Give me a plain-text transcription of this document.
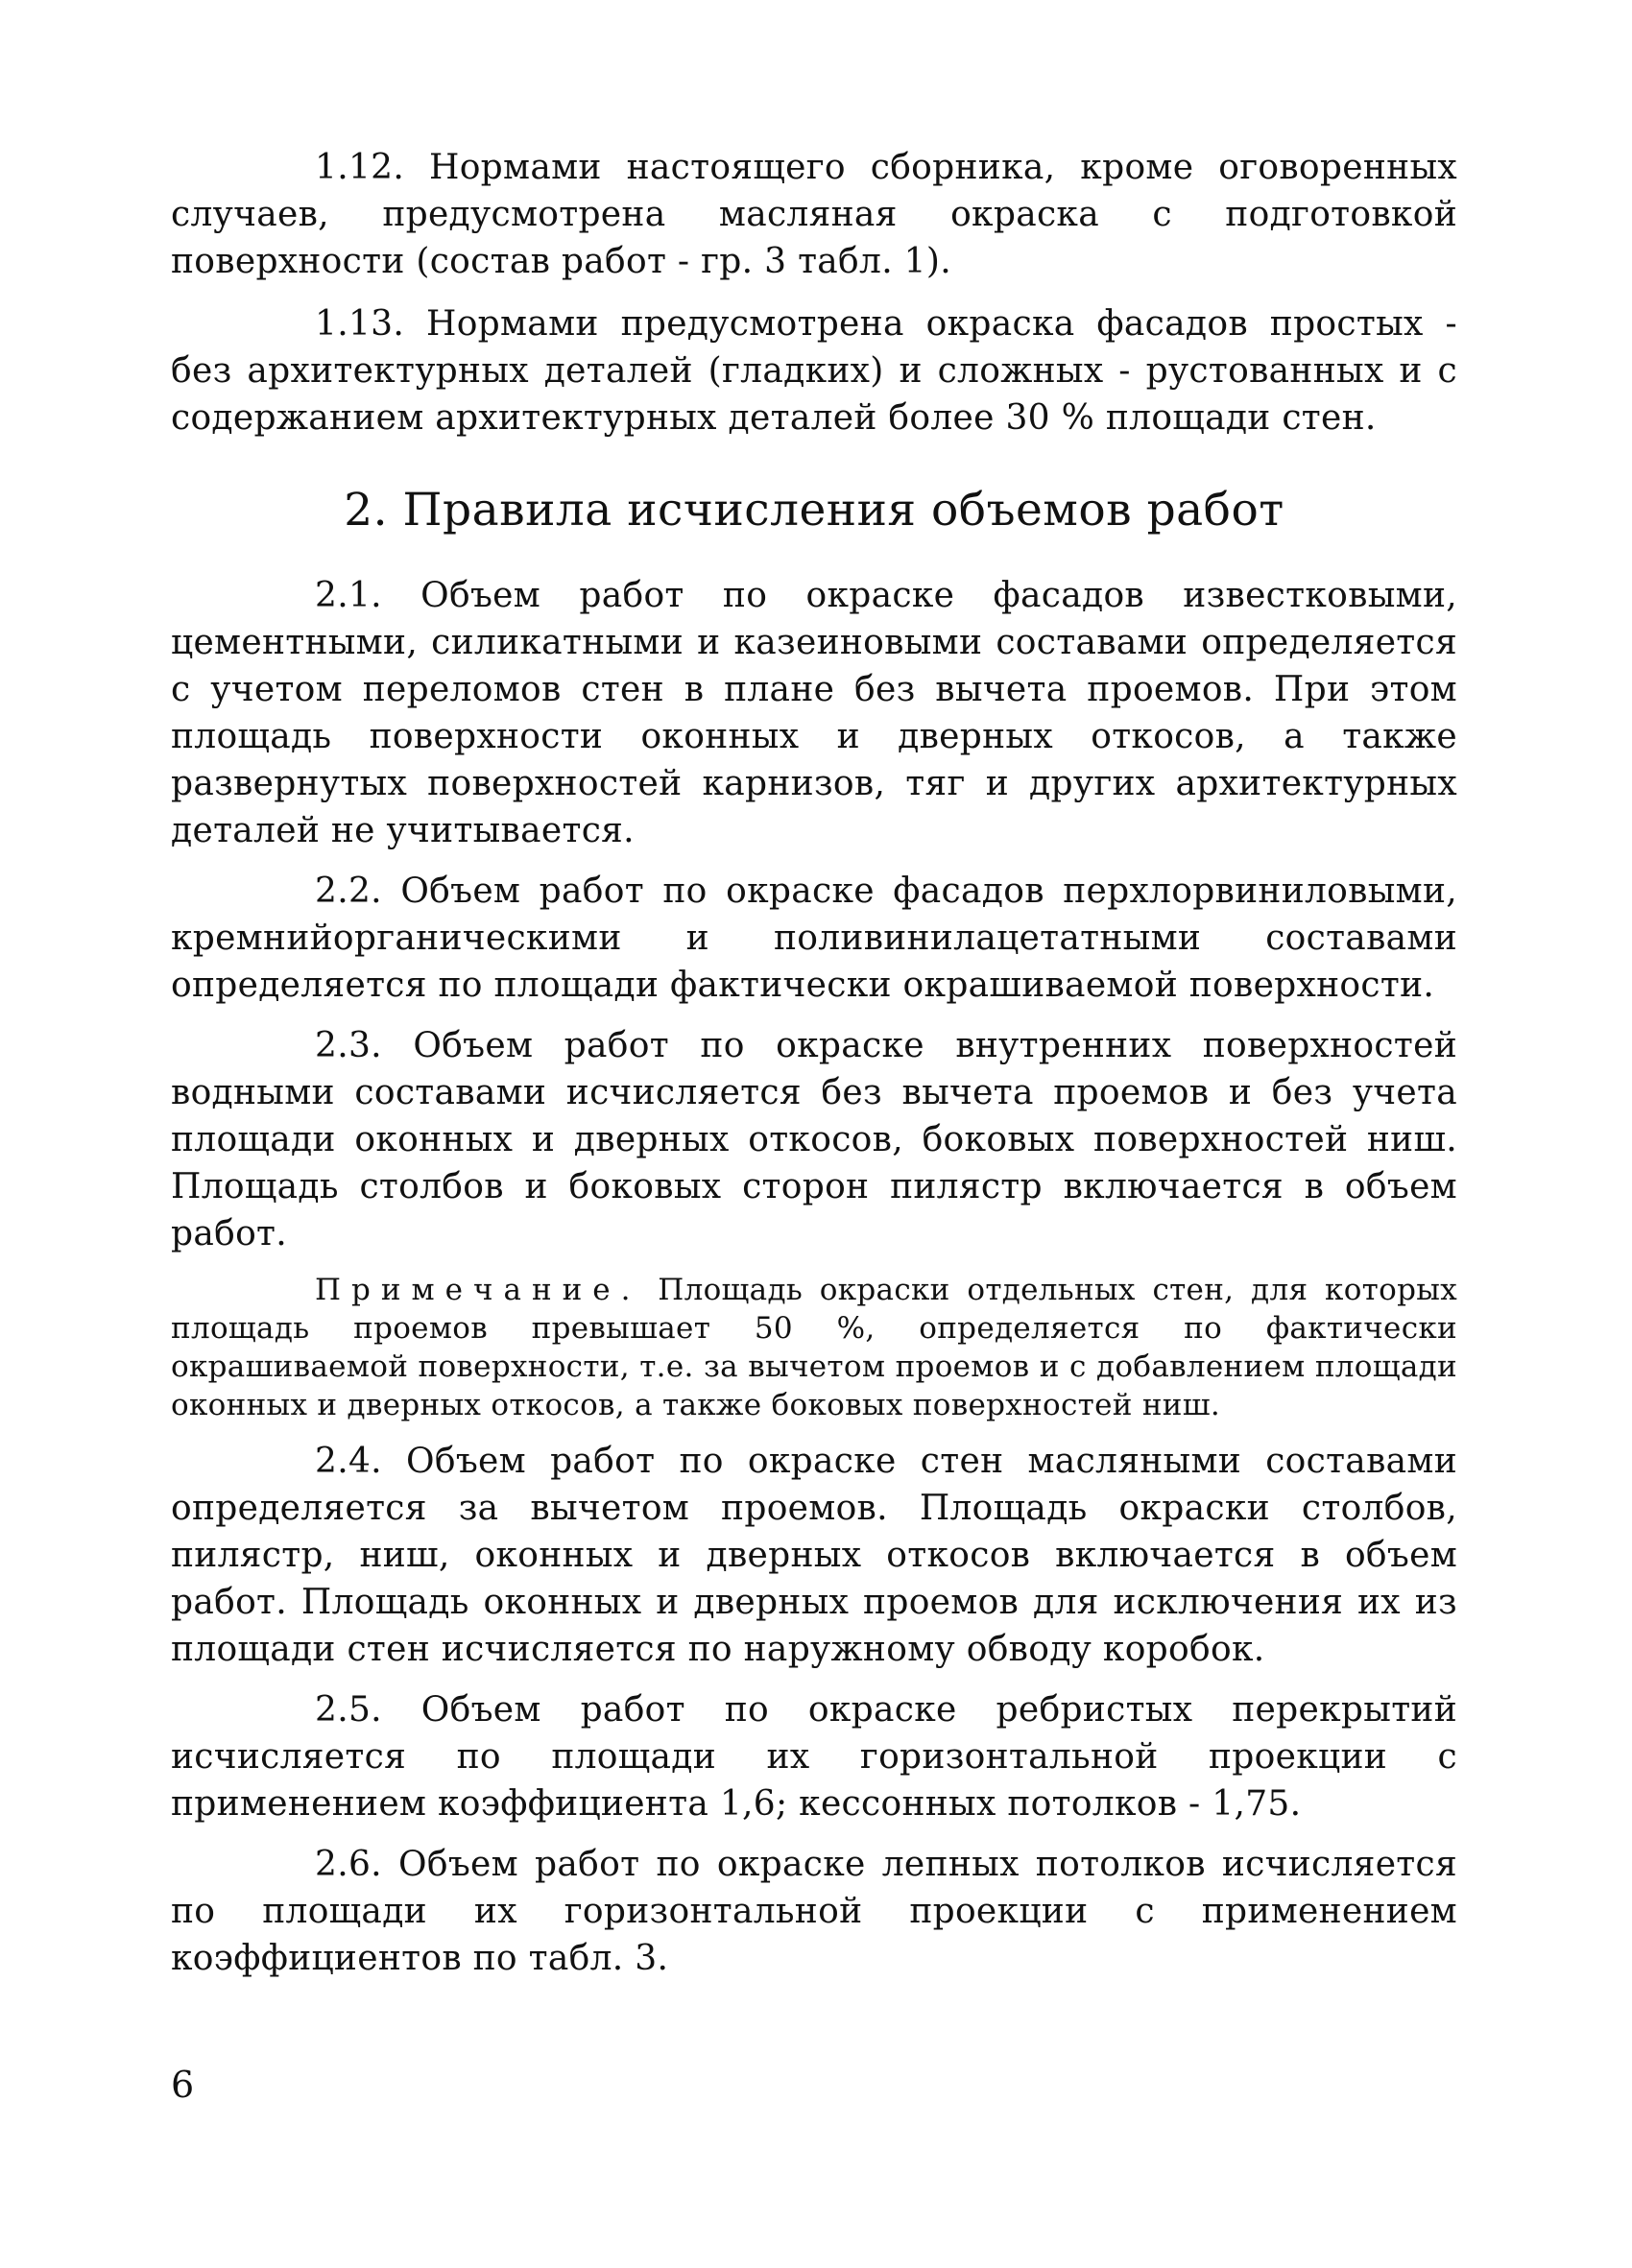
1.12. Нормами настоящего сборника, кроме оговоренных случаев, предусмотрена масляная окраска с подготовкой поверхности (состав работ - гр. 3 табл. 1).

1.13. Нормами предусмотрена окраска фасадов простых - без архитектурных деталей (гладких) и сложных - рустованных и с содержанием архитектурных деталей более 30 % площади стен.

2. Правила исчисления объемов работ

2.1. Объем работ по окраске фасадов известковыми, цементными, силикатными и казеиновыми составами определяется с учетом переломов стен в плане без вычета проемов. При этом площадь поверхности оконных и дверных откосов, а также развернутых поверхностей карнизов, тяг и других архитектурных деталей не учитывается.

2.2. Объем работ по окраске фасадов перхлорвиниловыми, кремнийорганическими и поливинилацетатными составами определяется по площади фактически окрашиваемой поверхности.

2.3. Объем работ по окраске внутренних поверхностей водными составами исчисляется без вычета проемов и без учета площади оконных и дверных откосов, боковых поверхностей ниш. Площадь столбов и боковых сторон пилястр включается в объем работ.

Примечание. Площадь окраски отдельных стен, для которых площадь проемов превышает 50 %, определяется по фактически окрашиваемой поверхности, т.е. за вычетом проемов и с добавлением площади оконных и дверных откосов, а также боковых поверхностей ниш.

2.4. Объем работ по окраске стен масляными составами определяется за вычетом проемов. Площадь окраски столбов, пилястр, ниш, оконных и дверных откосов включается в объем работ. Площадь оконных и дверных проемов для исключения их из площади стен исчисляется по наружному обводу коробок.

2.5. Объем работ по окраске ребристых перекрытий исчисляется по площади их горизонтальной проекции с применением коэффициента 1,6; кессонных потолков - 1,75.

2.6. Объем работ по окраске лепных потолков исчисляется по площади их горизонтальной проекции с применением коэффициентов по табл. 3.

6
